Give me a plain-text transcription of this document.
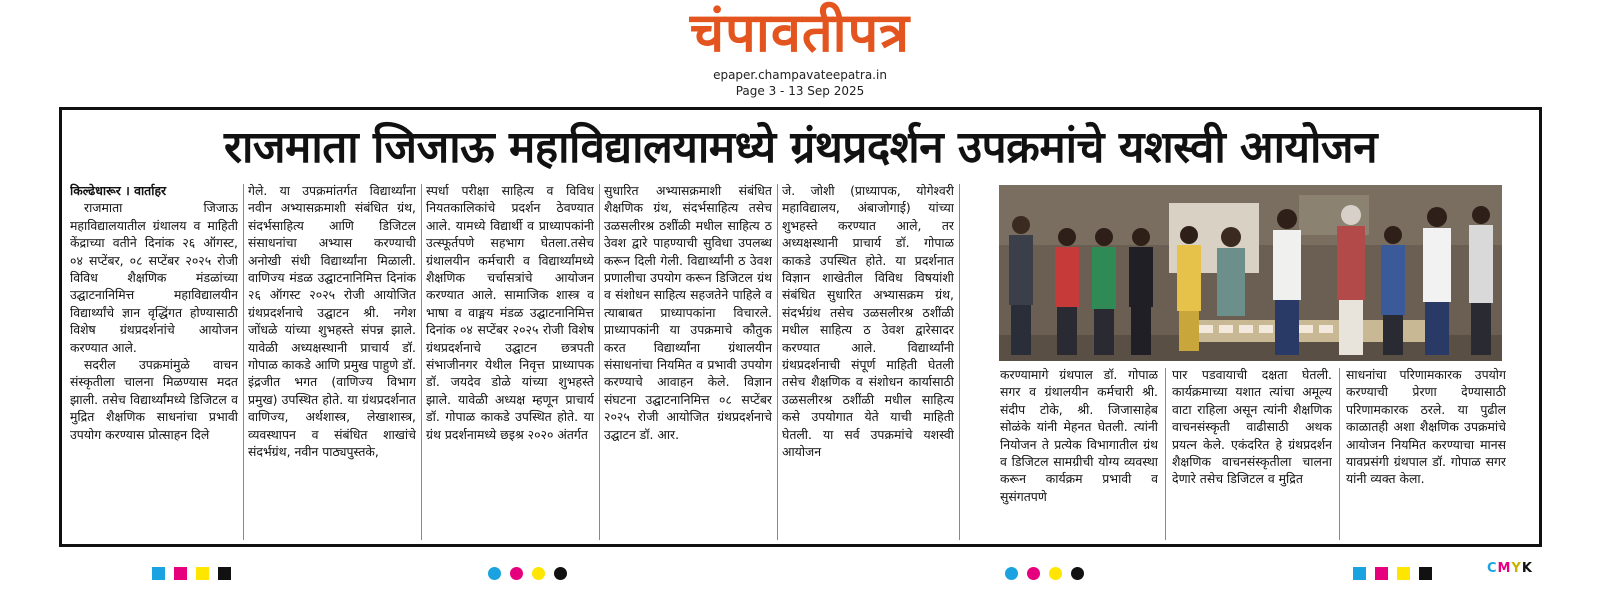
चंपावतीपत्र
epaper.champavateepatra.in
Page 3 - 13 Sep 2025
राजमाता जिजाऊ महाविद्यालयामध्ये ग्रंथप्रदर्शन उपक्रमांचे यशस्वी आयोजन

किल्ढेधारूर । वार्ताहर

राजमाता जिजाऊ महाविद्यालयातील ग्रंथालय व माहिती केंद्राच्या वतीने दिनांक २६ ऑगस्ट, ०४ सप्टेंबर, ०८ सप्टेंबर २०२५ रोजी विविध शैक्षणिक मंडळांच्या उद्घाटनानिमित्त महाविद्यालयीन विद्यार्थ्यांचे ज्ञान वृद्धिंगत होण्यासाठी विशेष ग्रंथप्रदर्शनांचे आयोजन करण्यात आले.

सदरील उपक्रमांमुळे वाचन संस्कृतीला चालना मिळण्यास मदत झाली. तसेच विद्यार्थ्यांमध्ये डिजिटल व मुद्रित शैक्षणिक साधनांचा प्रभावी उपयोग करण्यास प्रोत्साहन दिले

गेले. या उपक्रमांतर्गत विद्यार्थ्यांना नवीन अभ्यासक्रमाशी संबंधित ग्रंथ, संदर्भसाहित्य आणि डिजिटल संसाधनांचा अभ्यास करण्याची अनोखी संधी विद्यार्थ्यांना मिळाली. वाणिज्य मंडळ उद्घाटनानिमित्त दिनांक २६ ऑगस्ट २०२५ रोजी आयोजित ग्रंथप्रदर्शनाचे उद्घाटन श्री. नगेश जोंधळे यांच्या शुभहस्ते संपन्न झाले. यावेळी अध्यक्षस्थानी प्राचार्य डॉ. गोपाळ काकडे आणि प्रमुख पाहुणे डॉ. इंद्रजीत भगत (वाणिज्य विभाग प्रमुख) उपस्थित होते. या ग्रंथप्रदर्शनात वाणिज्य, अर्थशास्त्र, लेखाशास्त्र, व्यवस्थापन व संबंधित शाखांचे संदर्भग्रंथ, नवीन पाठ्यपुस्तके,

स्पर्धा परीक्षा साहित्य व विविध नियतकालिकांचे प्रदर्शन ठेवण्यात आले. यामध्ये विद्यार्थी व प्राध्यापकांनी उत्स्फूर्तपणे सहभाग घेतला.तसेच ग्रंथालयीन कर्मचारी व विद्यार्थ्यांमध्ये शैक्षणिक चर्चासत्रांचे आयोजन करण्यात आले. सामाजिक शास्त्र व भाषा व वाङ्मय मंडळ उद्घाटनानिमित्त दिनांक ०४ सप्टेंबर २०२५ रोजी विशेष ग्रंथप्रदर्शनाचे उद्घाटन छत्रपती संभाजीनगर येथील निवृत्त प्राध्यापक डॉ. जयदेव डोळे यांच्या शुभहस्ते झाले. यावेळी अध्यक्ष म्हणून प्राचार्य डॉ. गोपाळ काकडे उपस्थित होते. या ग्रंथ प्रदर्शनामध्ये छइश्र २०२० अंतर्गत

सुधारित अभ्यासक्रमाशी संबंधित शैक्षणिक ग्रंथ, संदर्भसाहित्य तसेच उळसलीरश्र ठशीेंळी मधील साहित्य ठ उेवश द्वारे पाहण्याची सुविधा उपलब्ध करून दिली गेली. विद्यार्थ्यांनी ठ उेवश प्रणालीचा उपयोग करून डिजिटल ग्रंथ व संशोधन साहित्य सहजतेने पाहिले व त्याबाबत प्राध्यापकांना विचारले. प्राध्यापकांनी या उपक्रमाचे कौतुक करत विद्यार्थ्यांना ग्रंथालयीन संसाधनांचा नियमित व प्रभावी उपयोग करण्याचे आवाहन केले. विज्ञान संघटना उद्घाटनानिमित्त ०८ सप्टेंबर २०२५ रोजी आयोजित ग्रंथप्रदर्शनाचे उद्घाटन डॉ. आर.

जे. जोशी (प्राध्यापक, योगेश्वरी महाविद्यालय, अंबाजोगाई) यांच्या शुभहस्ते करण्यात आले, तर अध्यक्षस्थानी प्राचार्य डॉ. गोपाळ काकडे उपस्थित होते. या प्रदर्शनात विज्ञान शाखेतील विविध विषयांशी संबंधित सुधारित अभ्यासक्रम ग्रंथ, संदर्भग्रंथ तसेच उळसलीरश्र ठशीेंळी मधील साहित्य ठ उेवश द्वारेसादर करण्यात आले. विद्यार्थ्यांनी ग्रंथप्रदर्शनाची संपूर्ण माहिती घेतली तसेच शैक्षणिक व संशोधन कार्यासाठी उळसलीरश्र ठशीेंळी मधील साहित्य कसे उपयोगात येते याची माहिती घेतली. या सर्व उपक्रमांचे यशस्वी आयोजन

करण्यामागे ग्रंथपाल डॉ. गोपाळ सगर व ग्रंथालयीन कर्मचारी श्री. संदीप टोके, श्री. जिजासाहेब सोळंके यांनी मेहनत घेतली. त्यांनी नियोजन ते प्रत्येक विभागातील ग्रंथ व डिजिटल सामग्रीची योग्य व्यवस्था करून कार्यक्रम प्रभावी व सुसंगतपणे

पार पडवायाची दक्षता घेतली. कार्यक्रमाच्या यशात त्यांचा अमूल्य वाटा राहिला असून त्यांनी शैक्षणिक वाचनसंस्कृती वाढीसाठी अथक प्रयत्न केले. एकंदरित हे ग्रंथप्रदर्शन शैक्षणिक वाचनसंस्कृतीला चालना देणारे तसेच डिजिटल व मुद्रित

साधनांचा परिणामकारक उपयोग करण्याची प्रेरणा देण्यासाठी परिणामकारक ठरले. या पुढील काळातही अशा शैक्षणिक उपक्रमांचे आयोजन नियमित करण्याचा मानस यावप्रसंगी ग्रंथपाल डॉ. गोपाळ सगर यांनी व्यक्त केला.

CMYK
